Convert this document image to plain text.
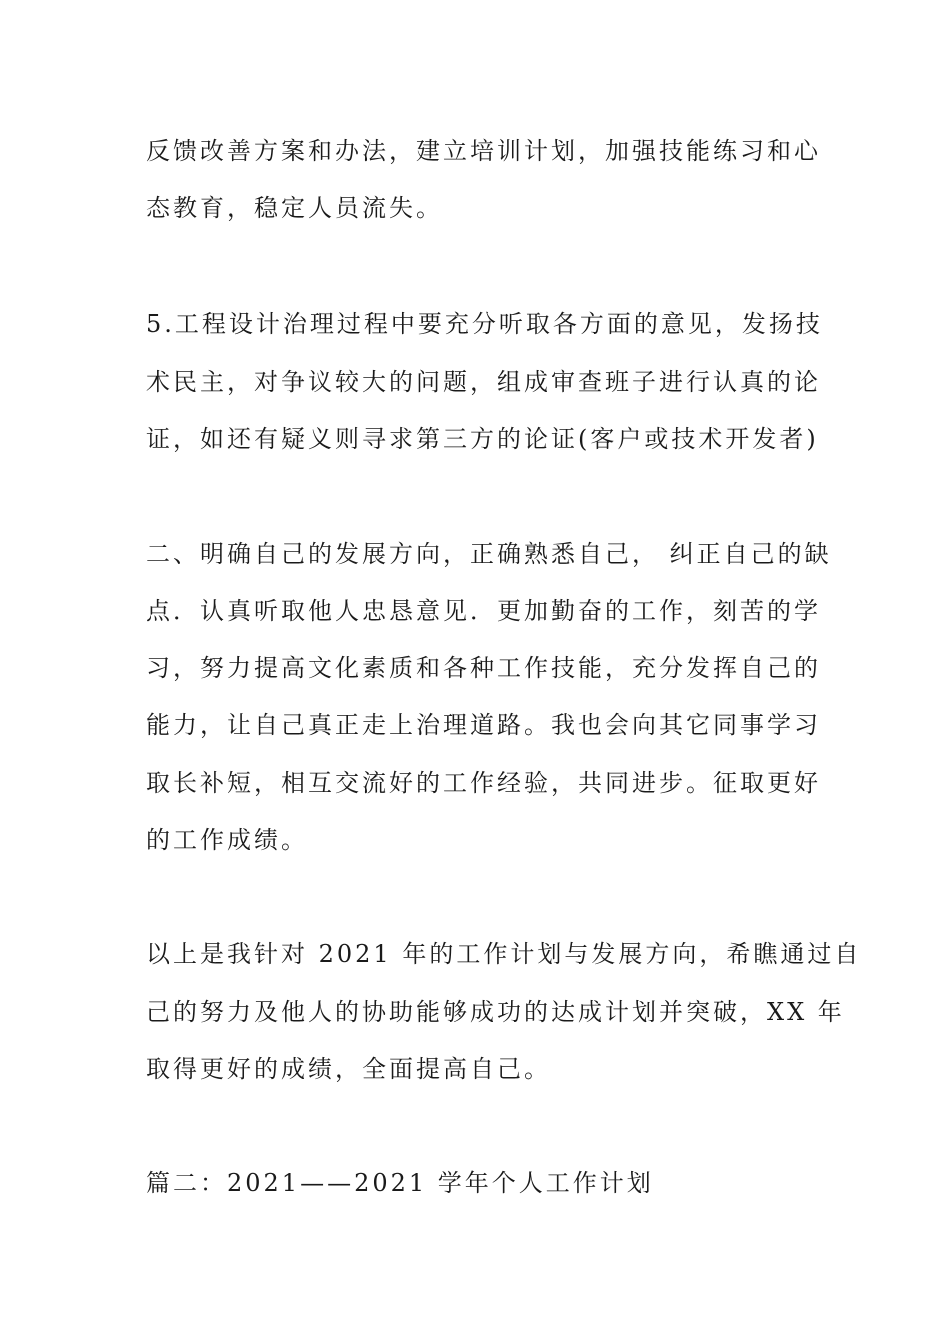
反馈改善方案和办法，建立培训计划，加强技能练习和心
态教育，稳定人员流失。
5.工程设计治理过程中要充分听取各方面的意见，发扬技
术民主，对争议较大的问题，组成审查班子进行认真的论
证，如还有疑义则寻求第三方的论证(客户或技术开发者)
二、明确自己的发展方向，正确熟悉自己， 纠正自己的缺
点．认真听取他人忠恳意见．更加勤奋的工作，刻苦的学
习，努力提高文化素质和各种工作技能，充分发挥自己的
能力，让自己真正走上治理道路。我也会向其它同事学习
取长补短，相互交流好的工作经验，共同进步。征取更好
的工作成绩。
以上是我针对 2021 年的工作计划与发展方向，希瞧通过自
己的努力及他人的协助能够成功的达成计划并突破，XX 年
取得更好的成绩，全面提高自己。
篇二：2021——2021 学年个人工作计划
